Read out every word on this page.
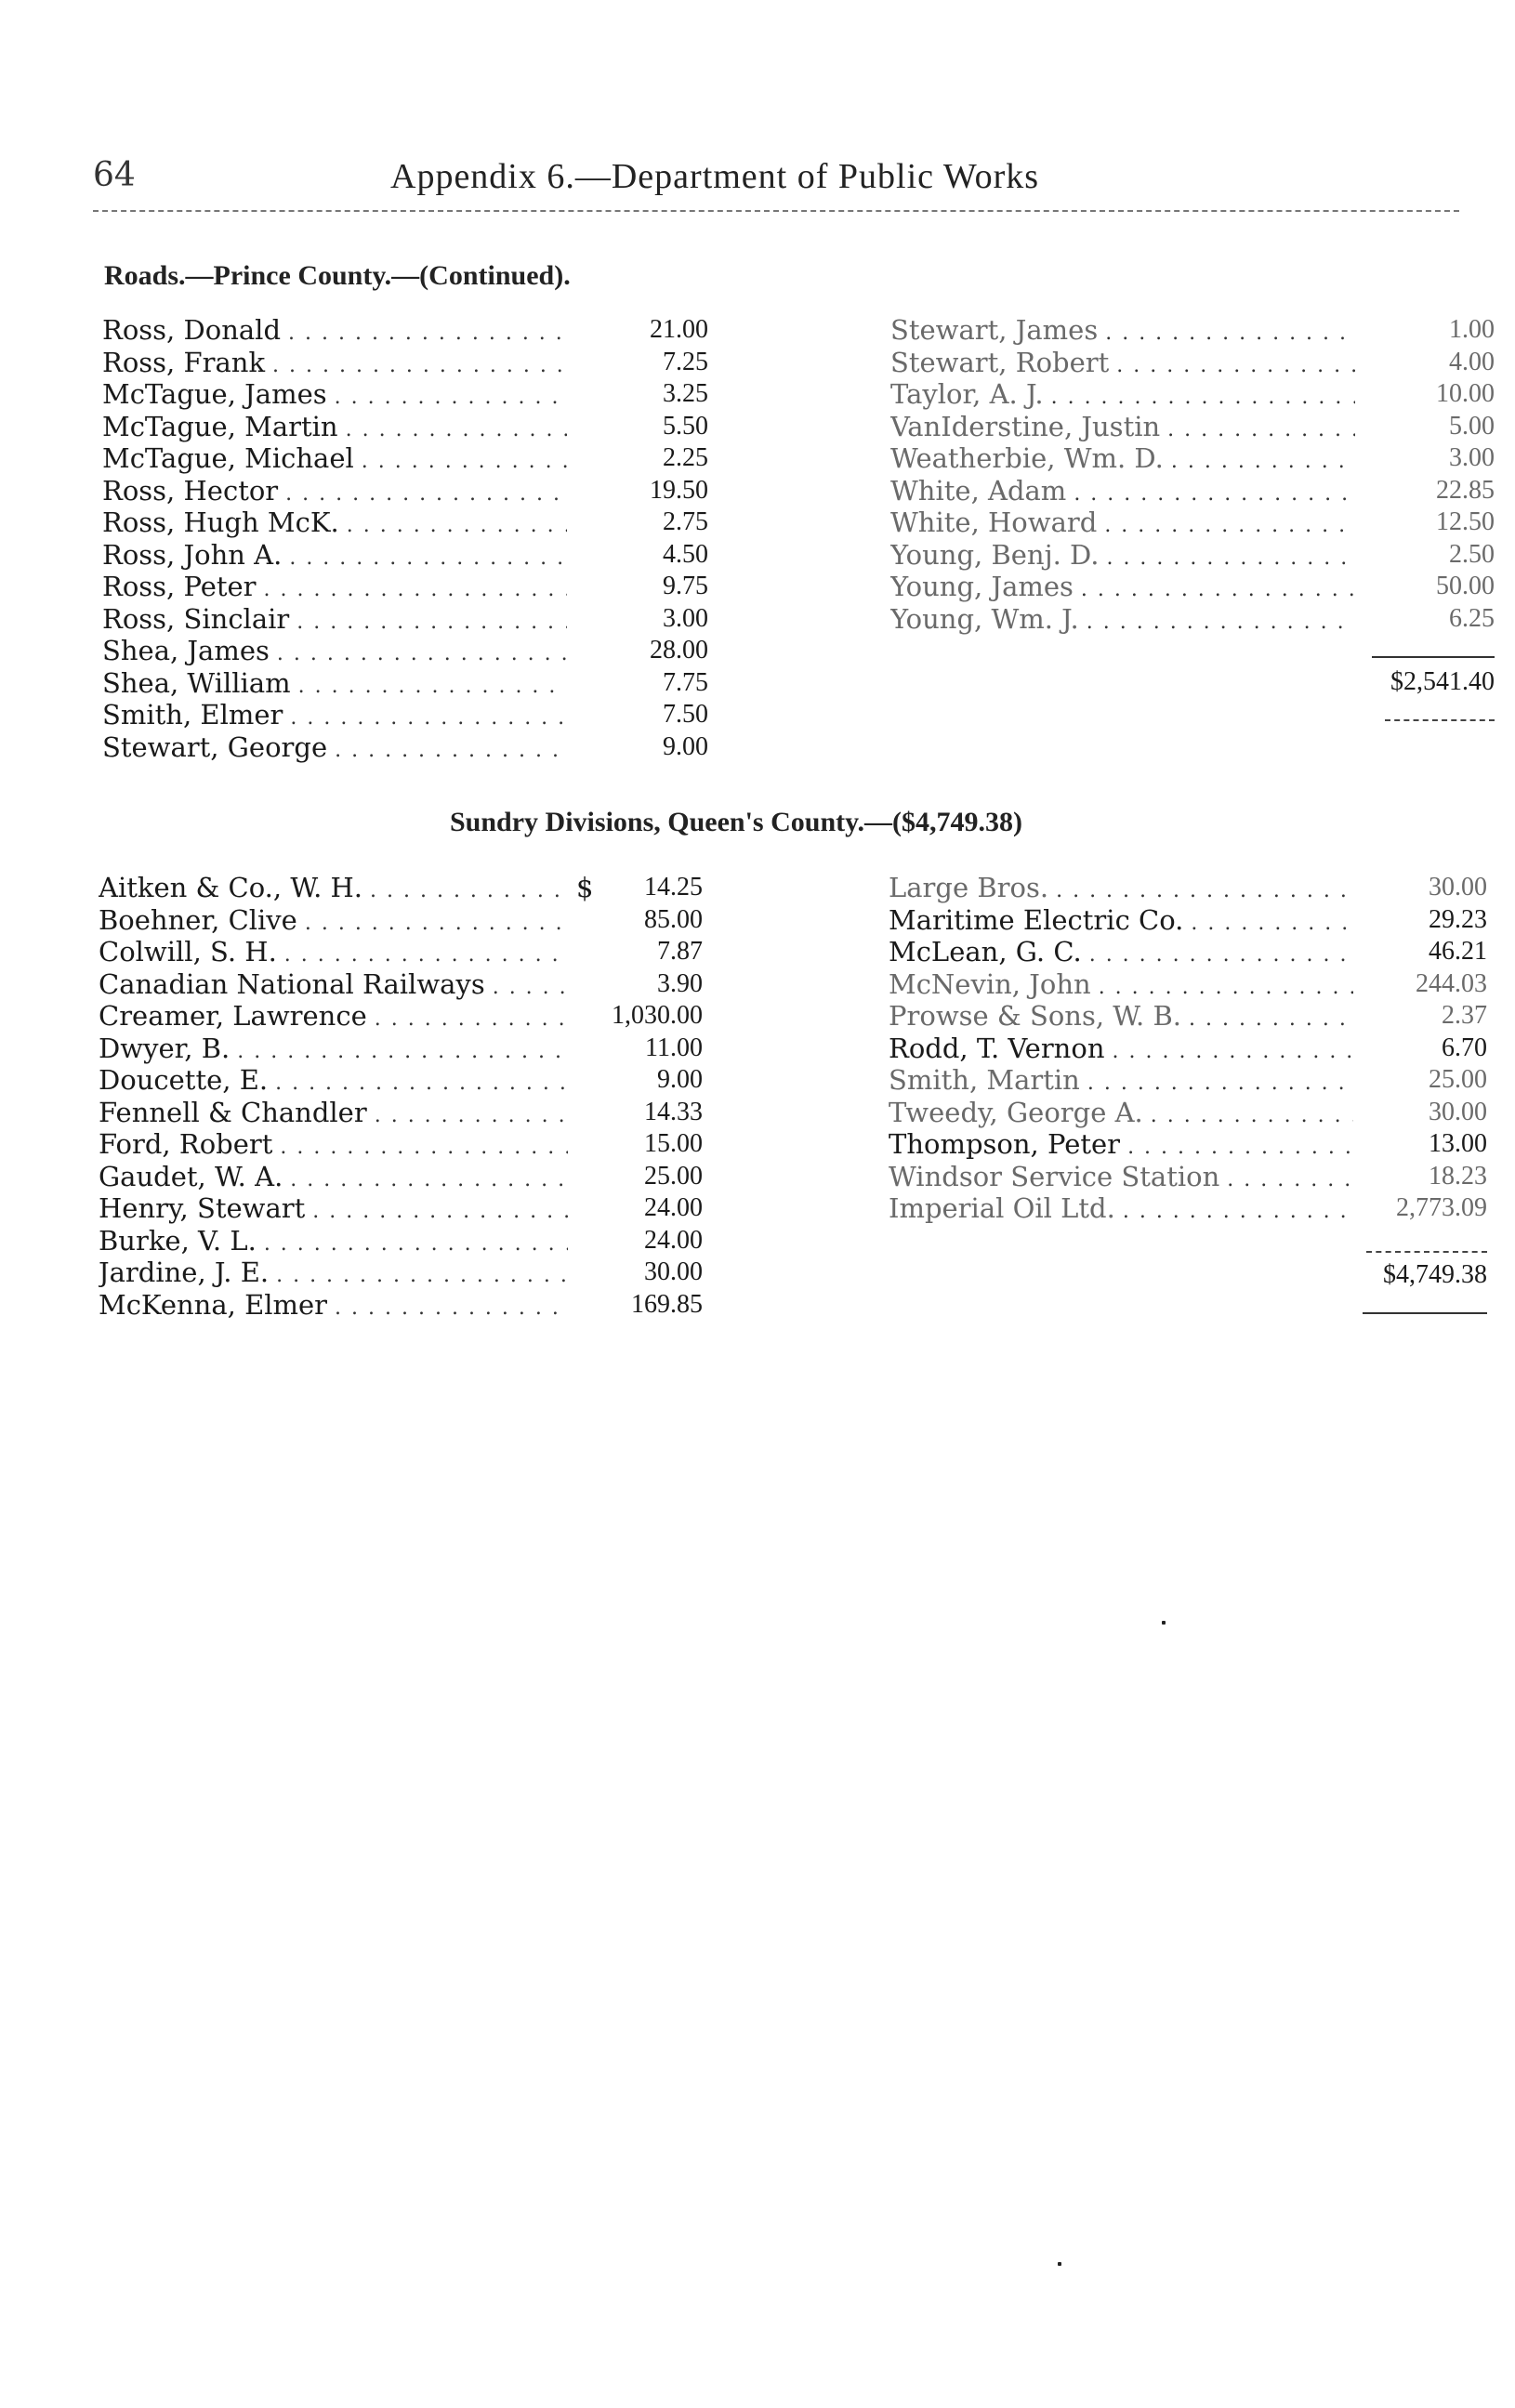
64	Appendix 6.—Department of Public Works
Roads.—Prince County.—(Continued).
Ross, Donald . . .	21.00
Ross, Frank . . .	7.25
McTague, James . . .	3.25
McTague, Martin . . .	5.50
McTague, Michael . . .	2.25
Ross, Hector . . .	19.50
Ross, Hugh McK. . . .	2.75
Ross, John A. . . .	4.50
Ross, Peter . . .	9.75
Ross, Sinclair . . .	3.00
Shea, James . . .	28.00
Shea, William . . .	7.75
Smith, Elmer . . .	7.50
Stewart, George . . .	9.00
Stewart, James . . .	1.00
Stewart, Robert . . .	4.00
Taylor, A. J. . . .	10.00
VanIderstine, Justin . . .	5.00
Weatherbie, Wm. D. . . .	3.00
White, Adam . . .	22.85
White, Howard . . .	12.50
Young, Benj. D. . . .	2.50
Young, James . . .	50.00
Young, Wm. J. . . .	6.25
$2,541.40
Sundry Divisions, Queen's County.—($4,749.38)
Aitken & Co., W. H. . . .	$	14.25
Boehner, Clive . . .	85.00
Colwill, S. H. . . .	7.87
Canadian National Railways . . .	3.90
Creamer, Lawrence . . .	1,030.00
Dwyer, B. . . .	11.00
Doucette, E. . . .	9.00
Fennell & Chandler . . .	14.33
Ford, Robert . . .	15.00
Gaudet, W. A. . . .	25.00
Henry, Stewart . . .	24.00
Burke, V. L. . . .	24.00
Jardine, J. E. . . .	30.00
McKenna, Elmer . . .	169.85
Large Bros. . . .	30.00
Maritime Electric Co. . . .	29.23
McLean, G. C. . . .	46.21
McNevin, John . . .	244.03
Prowse & Sons, W. B. . . .	2.37
Rodd, T. Vernon . . .	6.70
Smith, Martin . . .	25.00
Tweedy, George A. . . .	30.00
Thompson, Peter . . .	13.00
Windsor Service Station . . .	18.23
Imperial Oil Ltd. . . .	2,773.09
$4,749.38
